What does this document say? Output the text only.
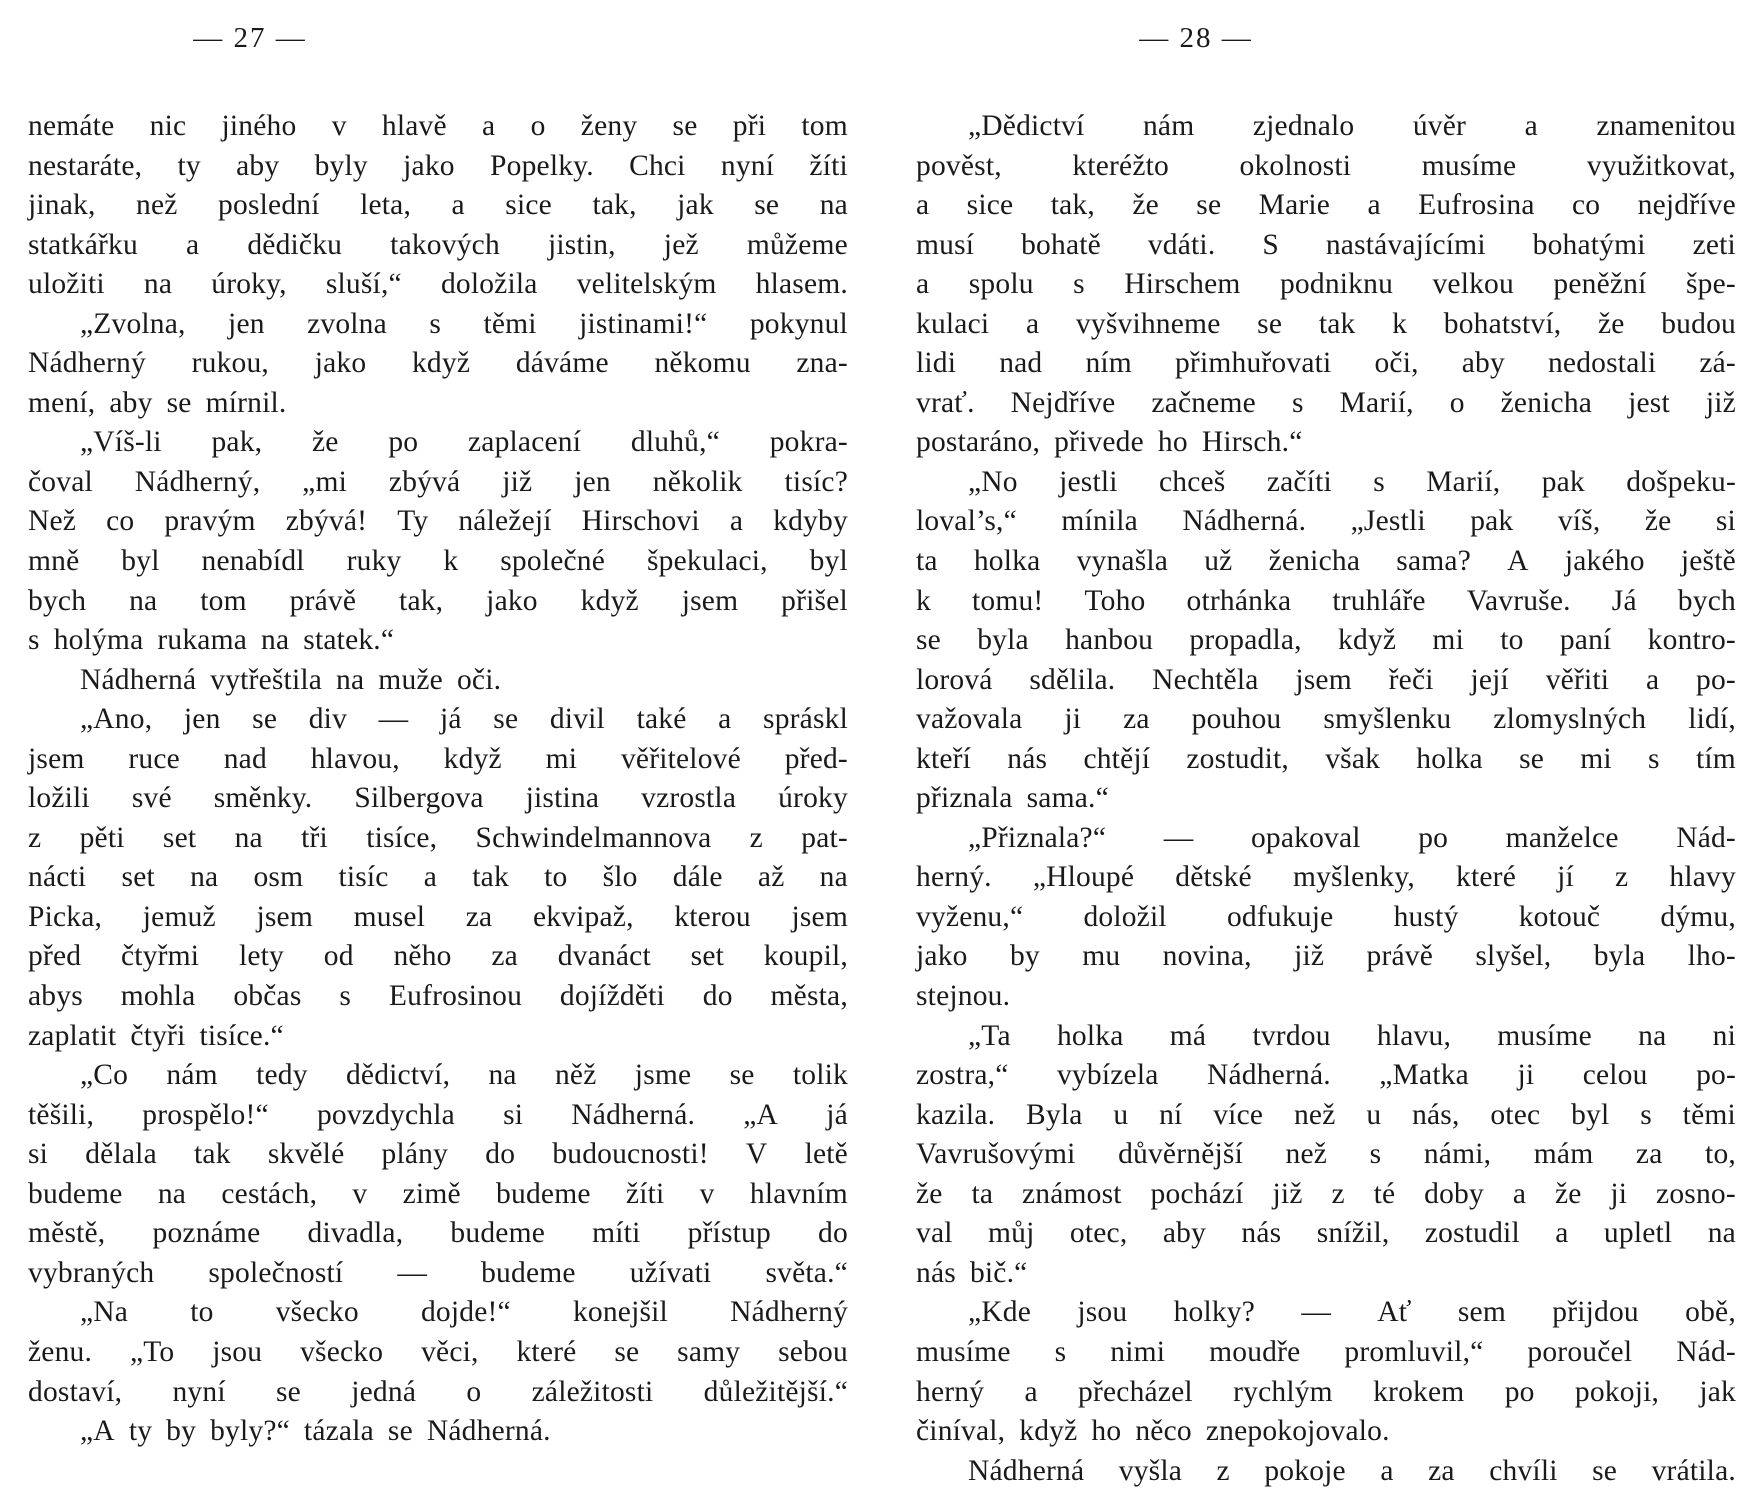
— 27 —
nemáte nic jiného v hlavě a o ženy se při tom
nestaráte, ty aby byly jako Popelky. Chci nyní žíti
jinak, než poslední leta, a sice tak, jak se na
statkářku a dědičku takových jistin, jež můžeme
uložiti na úroky, sluší,“ doložila velitelským hlasem.
„Zvolna, jen zvolna s těmi jistinami!“ pokynul
Nádherný rukou, jako když dáváme někomu zna-
mení, aby se mírnil.
„Víš-li pak, že po zaplacení dluhů,“ pokra-
čoval Nádherný, „mi zbývá již jen několik tisíc?
Než co pravým zbývá! Ty náležejí Hirschovi a kdyby
mně byl nenabídl ruky k společné špekulaci, byl
bych na tom právě tak, jako když jsem přišel
s holýma rukama na statek.“
Nádherná vytřeštila na muže oči.
„Ano, jen se div — já se divil také a spráskl
jsem ruce nad hlavou, když mi věřitelové před-
ložili své směnky. Silbergova jistina vzrostla úroky
z pěti set na tři tisíce, Schwindelmannova z pat-
nácti set na osm tisíc a tak to šlo dále až na
Picka, jemuž jsem musel za ekvipaž, kterou jsem
před čtyřmi lety od něho za dvanáct set koupil,
abys mohla občas s Eufrosinou dojížděti do města,
zaplatit čtyři tisíce.“
„Co nám tedy dědictví, na něž jsme se tolik
těšili, prospělo!“ povzdychla si Nádherná. „A já
si dělala tak skvělé plány do budoucnosti! V letě
budeme na cestách, v zimě budeme žíti v hlavním
městě, poznáme divadla, budeme míti přístup do
vybraných společností — budeme užívati světa.“
„Na to všecko dojde!“ konejšil Nádherný
ženu. „To jsou všecko věci, které se samy sebou
dostaví, nyní se jedná o záležitosti důležitější.“
„A ty by byly?“ tázala se Nádherná.
— 28 —
„Dědictví nám zjednalo úvěr a znamenitou
pověst, kteréžto okolnosti musíme využitkovat,
a sice tak, že se Marie a Eufrosina co nejdříve
musí bohatě vdáti. S nastávajícími bohatými zeti
a spolu s Hirschem podniknu velkou peněžní špe-
kulaci a vyšvihneme se tak k bohatství, že budou
lidi nad ním přimhuřovati oči, aby nedostali zá-
vrať. Nejdříve začneme s Marií, o ženicha jest již
postaráno, přivede ho Hirsch.“
„No jestli chceš začíti s Marií, pak došpeku-
loval’s,“ mínila Nádherná. „Jestli pak víš, že si
ta holka vynašla už ženicha sama? A jakého ještě
k tomu! Toho otrhánka truhláře Vavruše. Já bych
se byla hanbou propadla, když mi to paní kontro-
lorová sdělila. Nechtěla jsem řeči její věřiti a po-
važovala ji za pouhou smyšlenku zlomyslných lidí,
kteří nás chtějí zostudit, však holka se mi s tím
přiznala sama.“
„Přiznala?“ — opakoval po manželce Nád-
herný. „Hloupé dětské myšlenky, které jí z hlavy
vyženu,“ doložil odfukuje hustý kotouč dýmu,
jako by mu novina, již právě slyšel, byla lho-
stejnou.
„Ta holka má tvrdou hlavu, musíme na ni
zostra,“ vybízela Nádherná. „Matka ji celou po-
kazila. Byla u ní více než u nás, otec byl s těmi
Vavrušovými důvěrnější než s námi, mám za to,
že ta známost pochází již z té doby a že ji zosno-
val můj otec, aby nás snížil, zostudil a upletl na
nás bič.“
„Kde jsou holky? — Ať sem přijdou obě,
musíme s nimi moudře promluvil,“ poroučel Nád-
herný a přecházel rychlým krokem po pokoji, jak
činíval, když ho něco znepokojovalo.
Nádherná vyšla z pokoje a za chvíli se vrátila.
